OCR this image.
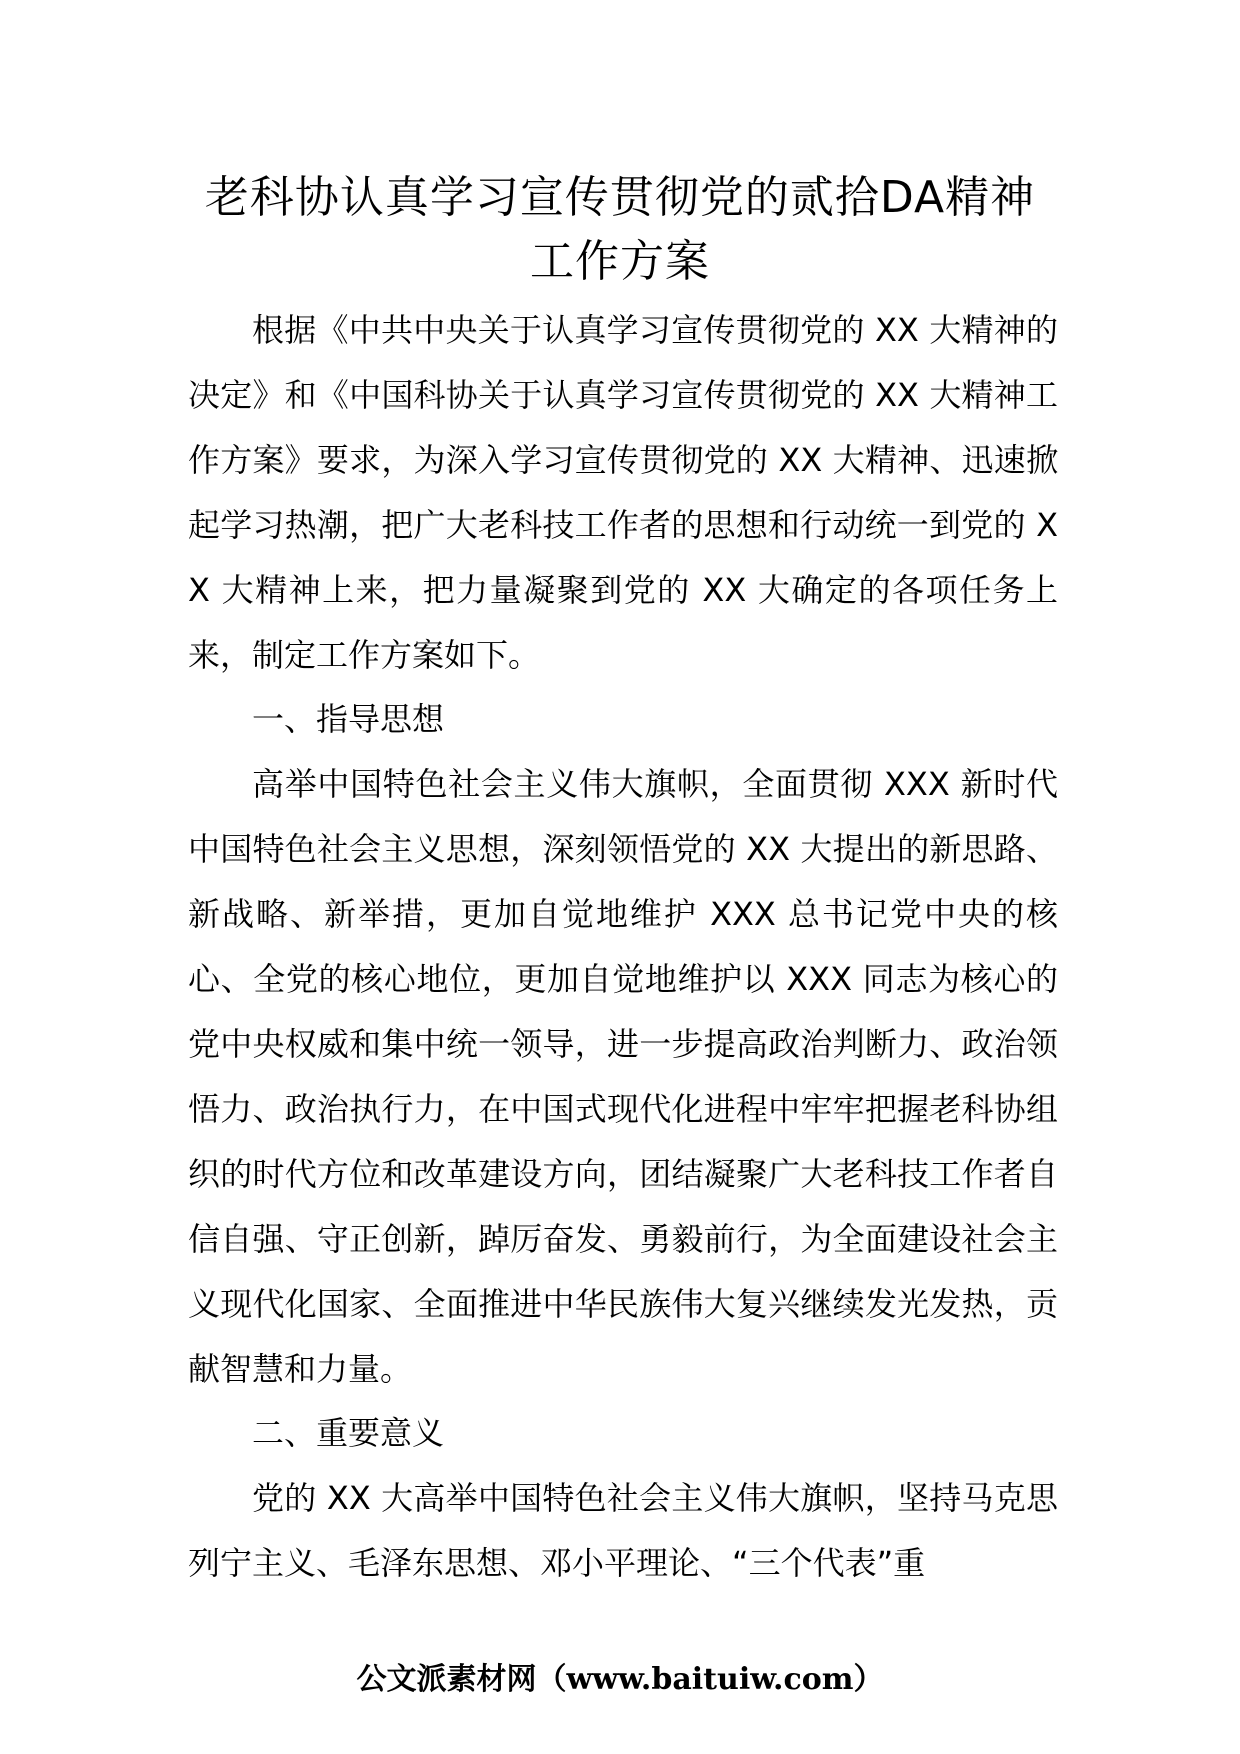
老科协认真学习宣传贯彻党的贰拾DA精神
工作方案

根据《中共中央关于认真学习宣传贯彻党的 XX 大精神的决定》和《中国科协关于认真学习宣传贯彻党的 XX 大精神工作方案》要求，为深入学习宣传贯彻党的 XX 大精神、迅速掀起学习热潮，把广大老科技工作者的思想和行动统一到党的 XX 大精神上来，把力量凝聚到党的 XX 大确定的各项任务上来，制定工作方案如下。

一、指导思想

高举中国特色社会主义伟大旗帜，全面贯彻 XXX 新时代中国特色社会主义思想，深刻领悟党的 XX 大提出的新思路、新战略、新举措，更加自觉地维护 XXX 总书记党中央的核心、全党的核心地位，更加自觉地维护以 XXX 同志为核心的党中央权威和集中统一领导，进一步提高政治判断力、政治领悟力、政治执行力，在中国式现代化进程中牢牢把握老科协组织的时代方位和改革建设方向，团结凝聚广大老科技工作者自信自强、守正创新，踔厉奋发、勇毅前行，为全面建设社会主义现代化国家、全面推进中华民族伟大复兴继续发光发热，贡献智慧和力量。

二、重要意义

党的 XX 大高举中国特色社会主义伟大旗帜，坚持马克思列宁主义、毛泽东思想、邓小平理论、“三个代表”重

公文派素材网（www.baituiw.com）
